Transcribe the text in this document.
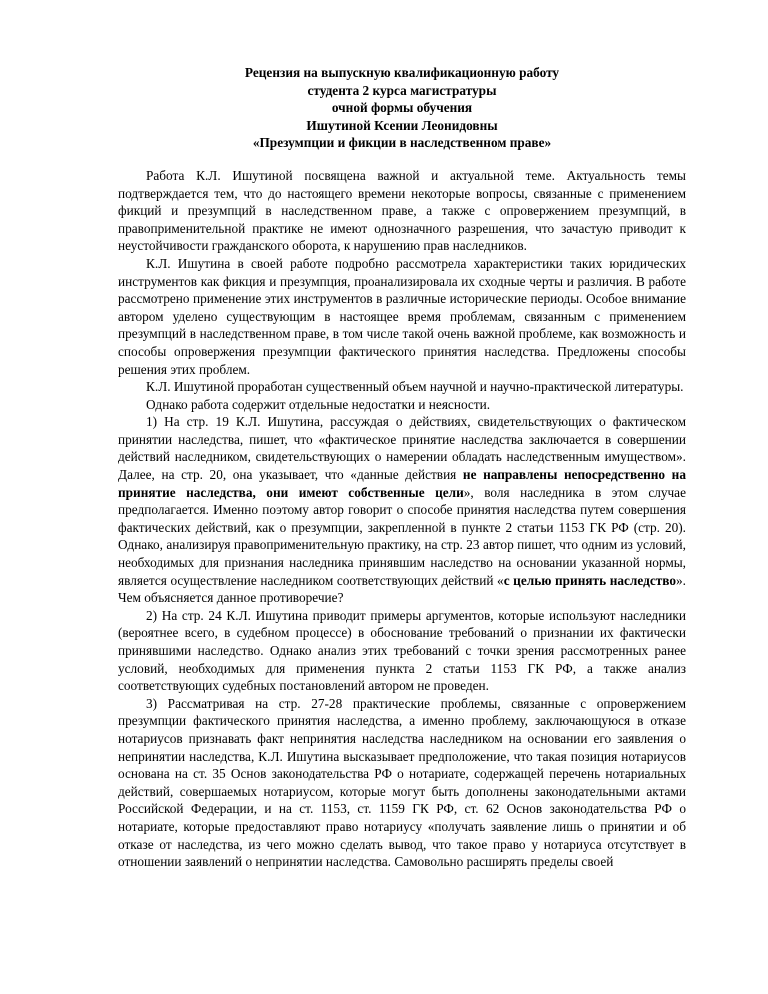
Рецензия на выпускную квалификационную работу
студента 2 курса магистратуры
очной формы обучения
Ишутиной Ксении Леонидовны
«Презумпции и фикции в наследственном праве»

Работа К.Л. Ишутиной посвящена важной и актуальной теме. Актуальность темы подтверждается тем, что до настоящего времени некоторые вопросы, связанные с применением фикций и презумпций в наследственном праве, а также с опровержением презумпций, в правоприменительной практике не имеют однозначного разрешения, что зачастую приводит к неустойчивости гражданского оборота, к нарушению прав наследников.

К.Л. Ишутина в своей работе подробно рассмотрела характеристики таких юридических инструментов как фикция и презумпция, проанализировала их сходные черты и различия. В работе рассмотрено применение этих инструментов в различные исторические периоды. Особое внимание автором уделено существующим в настоящее время проблемам, связанным с применением презумпций в наследственном праве, в том числе такой очень важной проблеме, как возможность и способы опровержения презумпции фактического принятия наследства. Предложены способы решения этих проблем.

К.Л. Ишутиной проработан существенный объем научной и научно-практической литературы.

Однако работа содержит отдельные недостатки и неясности.

1) На стр. 19 К.Л. Ишутина, рассуждая о действиях, свидетельствующих о фактическом принятии наследства, пишет, что «фактическое принятие наследства заключается в совершении действий наследником, свидетельствующих о намерении обладать наследственным имуществом». Далее, на стр. 20, она указывает, что «данные действия не направлены непосредственно на принятие наследства, они имеют собственные цели», воля наследника в этом случае предполагается. Именно поэтому автор говорит о способе принятия наследства путем совершения фактических действий, как о презумпции, закрепленной в пункте 2 статьи 1153 ГК РФ (стр. 20). Однако, анализируя правоприменительную практику, на стр. 23 автор пишет, что одним из условий, необходимых для признания наследника принявшим наследство на основании указанной нормы, является осуществление наследником соответствующих действий «с целью принять наследство». Чем объясняется данное противоречие?

2) На стр. 24 К.Л. Ишутина приводит примеры аргументов, которые используют наследники (вероятнее всего, в судебном процессе) в обоснование требований о признании их фактически принявшими наследство. Однако анализ этих требований с точки зрения рассмотренных ранее условий, необходимых для применения пункта 2 статьи 1153 ГК РФ, а также анализ соответствующих судебных постановлений автором не проведен.

3) Рассматривая на стр. 27-28 практические проблемы, связанные с опровержением презумпции фактического принятия наследства, а именно проблему, заключающуюся в отказе нотариусов признавать факт непринятия наследства наследником на основании его заявления о непринятии наследства, К.Л. Ишутина высказывает предположение, что такая позиция нотариусов основана на ст. 35 Основ законодательства РФ о нотариате, содержащей перечень нотариальных действий, совершаемых нотариусом, которые могут быть дополнены законодательными актами Российской Федерации, и на ст. 1153, ст. 1159 ГК РФ, ст. 62 Основ законодательства РФ о нотариате, которые предоставляют право нотариусу «получать заявление лишь о принятии и об отказе от наследства, из чего можно сделать вывод, что такое право у нотариуса отсутствует в отношении заявлений о непринятии наследства. Самовольно расширять пределы своей
